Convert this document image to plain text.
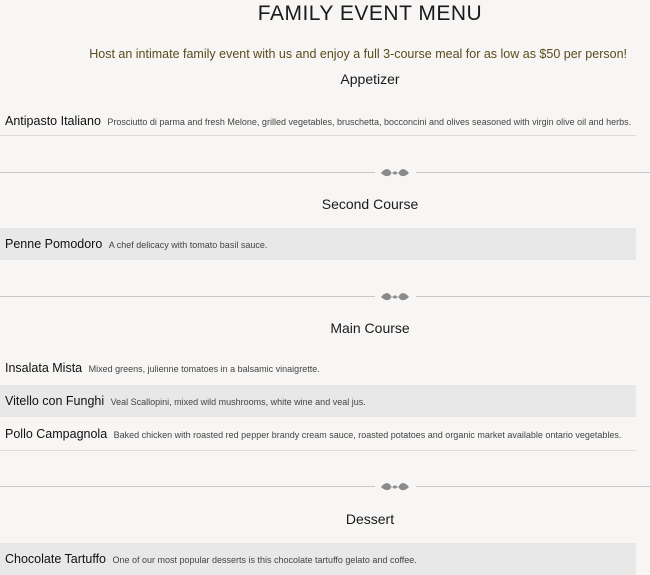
FAMILY EVENT MENU
Host an intimate family event with us and enjoy a full 3-course meal for as low as $50 per person!
Appetizer
Antipasto Italiano Prosciutto di parma and fresh Melone, grilled vegetables, bruschetta, bocconcini and olives seasoned with virgin olive oil and herbs.
Second Course
Penne Pomodoro A chef delicacy with tomato basil sauce.
Main Course
Insalata Mista Mixed greens, julienne tomatoes in a balsamic vinaigrette.
Vitello con Funghi Veal Scallopini, mixed wild mushrooms, white wine and veal jus.
Pollo Campagnola Baked chicken with roasted red pepper brandy cream sauce, roasted potatoes and organic market available ontario vegetables.
Dessert
Chocolate Tartuffo One of our most popular desserts is this chocolate tartuffo gelato and coffee.
